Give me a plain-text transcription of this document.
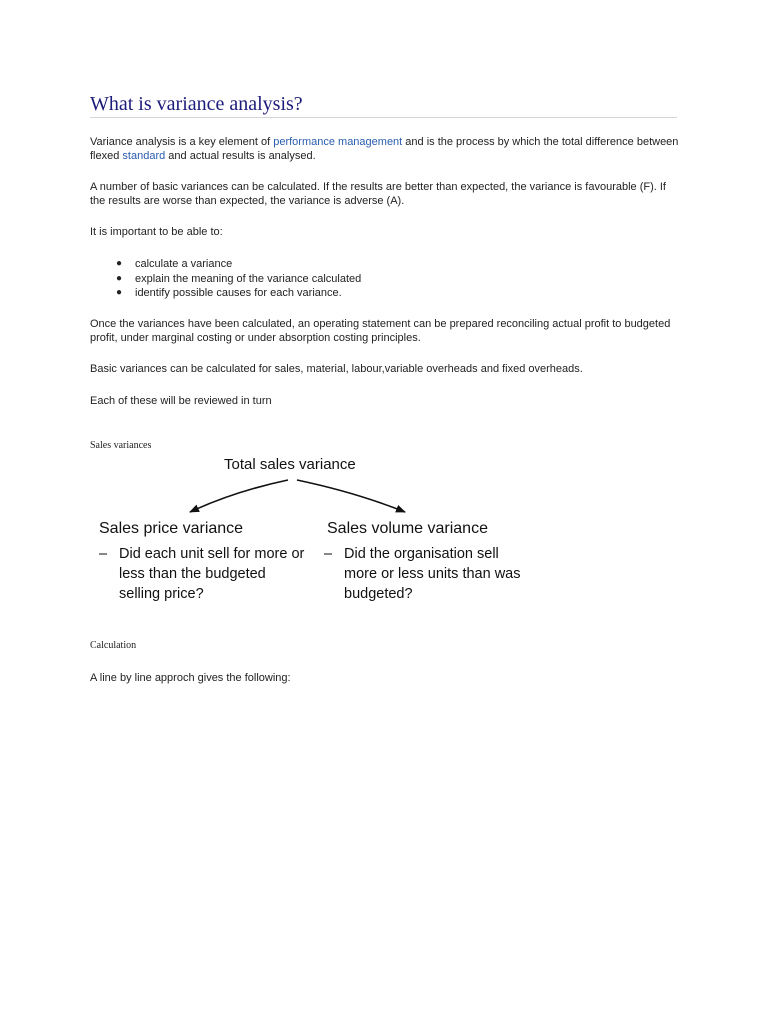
What is variance analysis?

Variance analysis is a key element of performance management and is the process by which the total difference between flexed standard and actual results is analysed.

A number of basic variances can be calculated. If the results are better than expected, the variance is favourable (F). If the results are worse than expected, the variance is adverse (A).

It is important to be able to:

● calculate a variance
● explain the meaning of the variance calculated
● identify possible causes for each variance.

Once the variances have been calculated, an operating statement can be prepared reconciling actual profit to budgeted profit, under marginal costing or under absorption costing principles.

Basic variances can be calculated for sales, material, labour,variable overheads and fixed overheads.

Each of these will be reviewed in turn

Sales variances
Total sales variance
Sales price variance	Sales volume variance
– Did each unit sell for more or less than the budgeted selling price?
– Did the organisation sell more or less units than was budgeted?
Calculation

A line by line approch gives the following:
